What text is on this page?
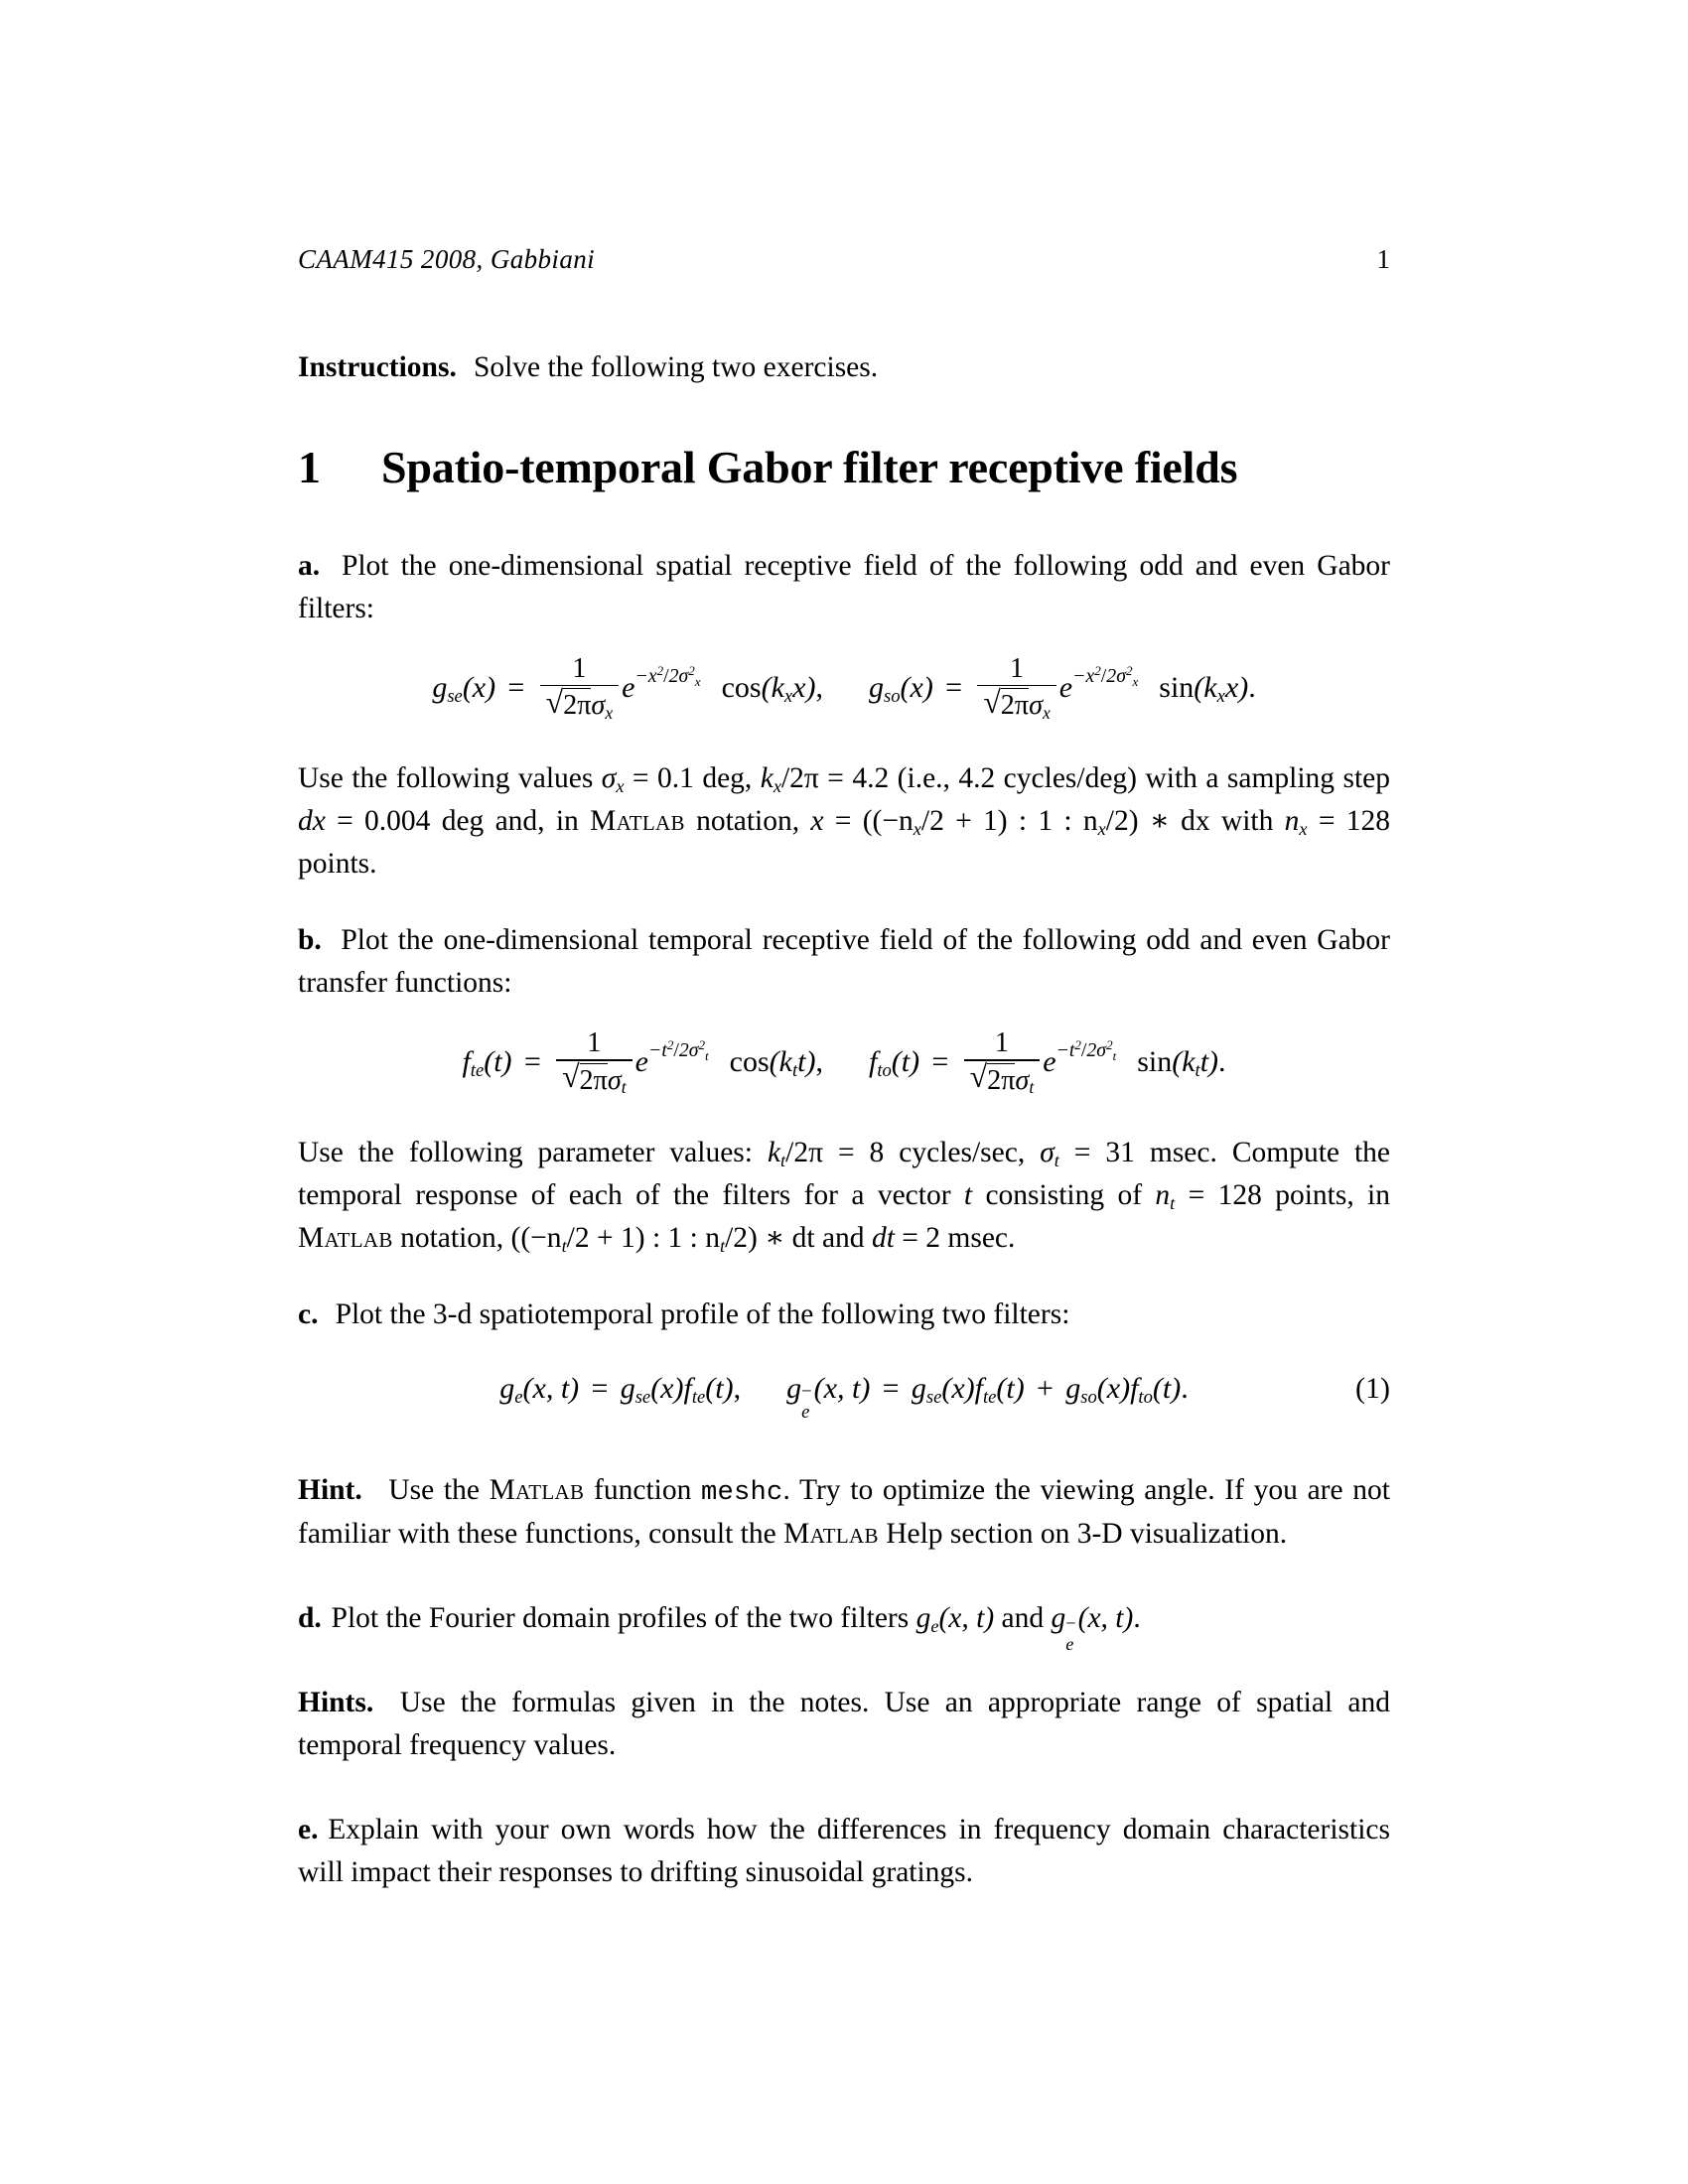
CAAM415 2008, Gabbiani	1

Instructions. Solve the following two exercises.

1	Spatio-temporal Gabor filter receptive fields

a. Plot the one-dimensional spatial receptive field of the following odd and even Gabor filters:

$g_{se}(x) = \frac{1}{√ 2\pi\sigma_x} e^{-x^2/2\sigma^2_x}$ $\cos(k_xx)$, $g_{so}(x) = \frac{1}{√ 2\pi\sigma_x} e^{-x^2/2\sigma^2_x}$ $\sin(k_xx)$.

Use the following values $\sigma_x = 0.1$ deg, $k_x/2\pi = 4.2$ (i.e., 4.2 cycles/deg) with a sampling step dx = 0.004 deg and, in Matlab notation, $x = ((-n_x/2 + 1)$ : 1 : $n_x/2$) ∗ dx with $n_x = 128$ points.

b. Plot the one-dimensional temporal receptive field of the following odd and even Gabor transfer functions:

$f_{te}(t) = \frac{1}{√ 2\pi\sigma_t} e^{-t^2/2\sigma^2_t}$ $\cos(k_tt)$, $f_{to}(t) = \frac{1}{√ 2\pi\sigma_t} e^{-t^2/2\sigma^2_t}$ $\sin(k_tt)$.

Use the following parameter values: $k_t/2\pi = 8$ cycles/sec, $\sigma_t = 31$ msec. Compute the temporal response of each of the filters for a vector t consisting of $n_t = 128$ points, in Matlab notation, ($(-n_t/2 + 1)$ : 1 : $n_t/2$) ∗ dt and dt = 2 msec.

c. Plot the 3-d spatiotemporal profile of the following two filters:

$g_e(x$, $t) = g_{se}(x)f_{te}(t)$, g −
e
(x, $t) = g_{se}(x)f_{te}(t) + g_{so}(x)f_{to}(t)$.	(1)

Hint. Use the Matlab function meshc. Try to optimize the viewing angle. If you are not familiar with these functions, consult the Matlab Help section on 3-D visualization.

d. Plot the Fourier domain profiles of the two filters $g_e(x$, t) and g −
e
(x, t).

Hints. Use the formulas given in the notes. Use an appropriate range of spatial and temporal frequency values.

e. Explain with your own words how the differences in frequency domain characteristics will impact their responses to drifting sinusoidal gratings.
